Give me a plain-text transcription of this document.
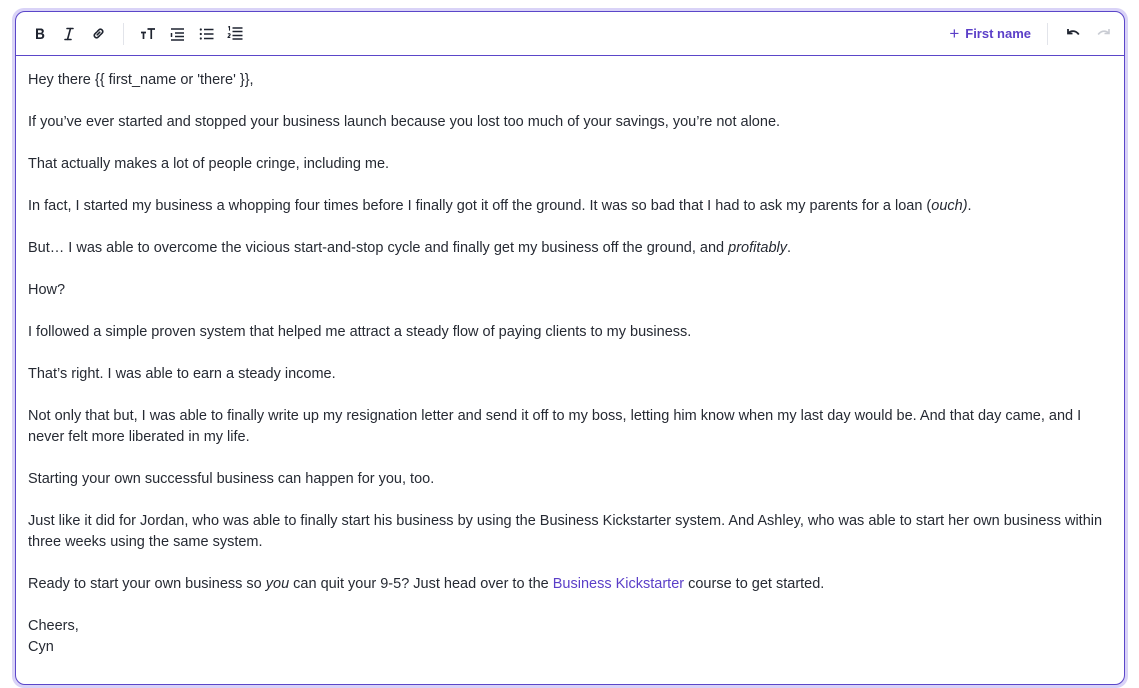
+ First name

Hey there {{ first_name or 'there' }},

If you’ve ever started and stopped your business launch because you lost too much of your savings, you’re not alone.

That actually makes a lot of people cringe, including me.

In fact, I started my business a whopping four times before I finally got it off the ground. It was so bad that I had to ask my parents for a loan (ouch).

But… I was able to overcome the vicious start-and-stop cycle and finally get my business off the ground, and profitably.

How?

I followed a simple proven system that helped me attract a steady flow of paying clients to my business.

That’s right. I was able to earn a steady income.

Not only that but, I was able to finally write up my resignation letter and send it off to my boss, letting him know when my last day would be. And that day came, and I never felt more liberated in my life.

Starting your own successful business can happen for you, too.

Just like it did for Jordan, who was able to finally start his business by using the Business Kickstarter system. And Ashley, who was able to start her own business within three weeks using the same system.

Ready to start your own business so you can quit your 9-5? Just head over to the Business Kickstarter course to get started.

Cheers,

Cyn
